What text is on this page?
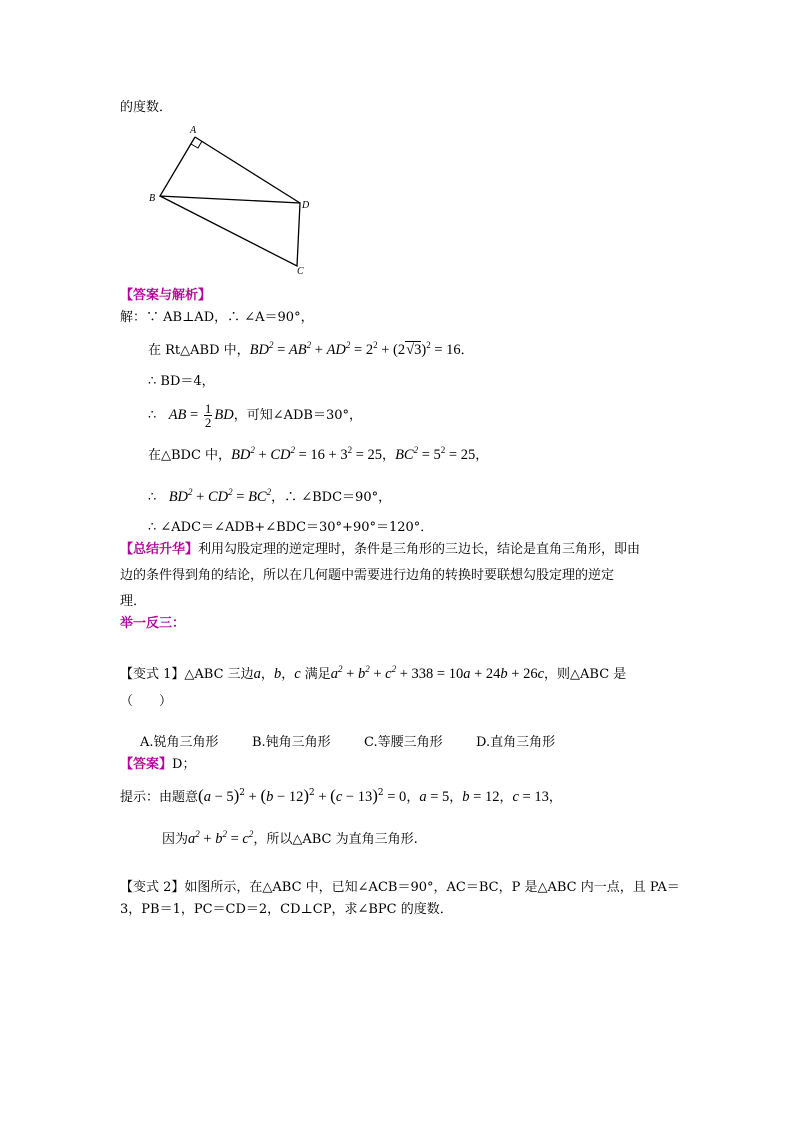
的度数．
A
B
D
C
【答案与解析】
解：∵ AB⊥AD，∴ ∠A＝90°，
在 Rt△ABD 中，$BD^2 = AB^2 + AD^2 = 2^2 + (2√3)^2 = 16$．
∴ BD＝4，
∴ AB = $\frac{1}{2}$ BD，可知∠ADB＝30°，
在△BDC 中，$BD^2 + CD^2 = 16 + 3^2 = 25$，$BC^2 = 5^2 = 25$，
∴ $BD^2 + CD^2 = BC^2$，∴ ∠BDC＝90°，
∴ ∠ADC＝∠ADB+∠BDC＝30°+90°＝120°．
【总结升华】利用勾股定理的逆定理时，条件是三角形的三边长，结论是直角三角形，即由
边的条件得到角的结论，所以在几何题中需要进行边角的转换时要联想勾股定理的逆定
理．
举一反三：
【变式 1】△ABC 三边a，b，c 满足$a^2 + b^2 + c^2 + 338 = 10a + 24b + 26c$，则△ABC 是
（　　）
A.锐角三角形	B.钝角三角形	C.等腰三角形	D.直角三角形
【答案】D；
提示：由题意$(a - 5)^2 + (b - 12)^2 + (c - 13)^2 = 0$，a = 5，b = 12，c = 13，
因为$a^2 + b^2 = c^2$，所以△ABC 为直角三角形.
【变式 2】如图所示，在△ABC 中，已知∠ACB＝90°，AC＝BC，P 是△ABC 内一点，且 PA＝
3，PB＝1，PC＝CD＝2，CD⊥CP，求∠BPC 的度数．
